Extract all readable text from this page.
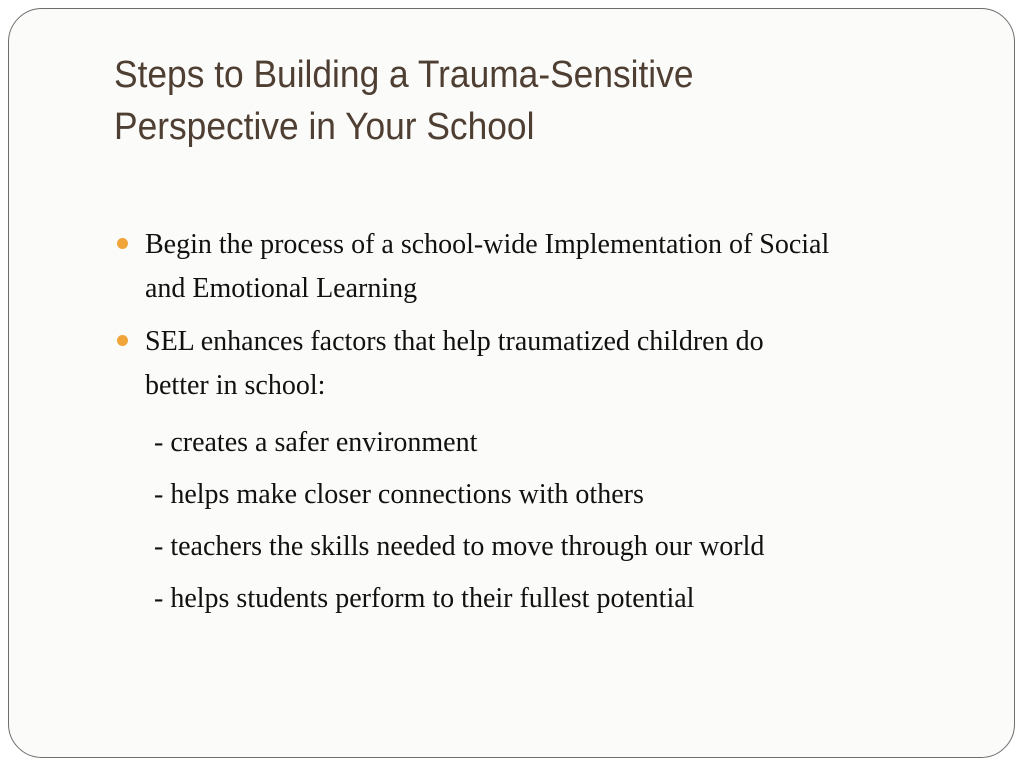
Steps to Building a Trauma-Sensitive
Perspective in Your School
Begin the process of a school-wide Implementation of Social
and Emotional Learning
SEL enhances factors that help traumatized children do
better in school:

- creates a safer environment

- helps make closer connections with others

- teachers the skills needed to move through our world

- helps students perform to their fullest potential
